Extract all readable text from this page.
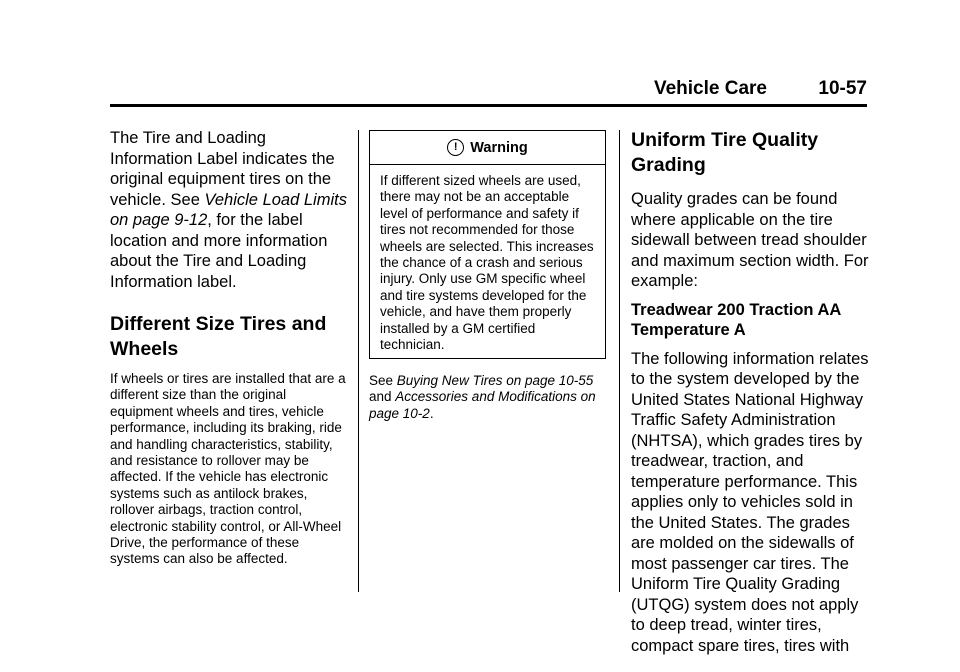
Vehicle Care	10-57

The Tire and Loading Information Label indicates the original equipment tires on the vehicle. See Vehicle Load Limits on page 9-12, for the label location and more information about the Tire and Loading Information label.

Different Size Tires and Wheels

If wheels or tires are installed that are a different size than the original equipment wheels and tires, vehicle performance, including its braking, ride and handling characteristics, stability, and resistance to rollover may be affected. If the vehicle has electronic systems such as antilock brakes, rollover airbags, traction control, electronic stability control, or All-Wheel Drive, the performance of these systems can also be affected.

! Warning
If different sized wheels are used, there may not be an acceptable level of performance and safety if tires not recommended for those wheels are selected. This increases the chance of a crash and serious injury. Only use GM specific wheel and tire systems developed for the vehicle, and have them properly installed by a GM certified technician.

See Buying New Tires on page 10-55 and Accessories and Modifications on page 10-2.

Uniform Tire Quality Grading

Quality grades can be found where applicable on the tire sidewall between tread shoulder and maximum section width. For example:

Treadwear 200 Traction AA Temperature A

The following information relates to the system developed by the United States National Highway Traffic Safety Administration (NHTSA), which grades tires by treadwear, traction, and temperature performance. This applies only to vehicles sold in the United States. The grades are molded on the sidewalls of most passenger car tires. The Uniform Tire Quality Grading (UTQG) system does not apply to deep tread, winter tires, compact spare tires, tires with
